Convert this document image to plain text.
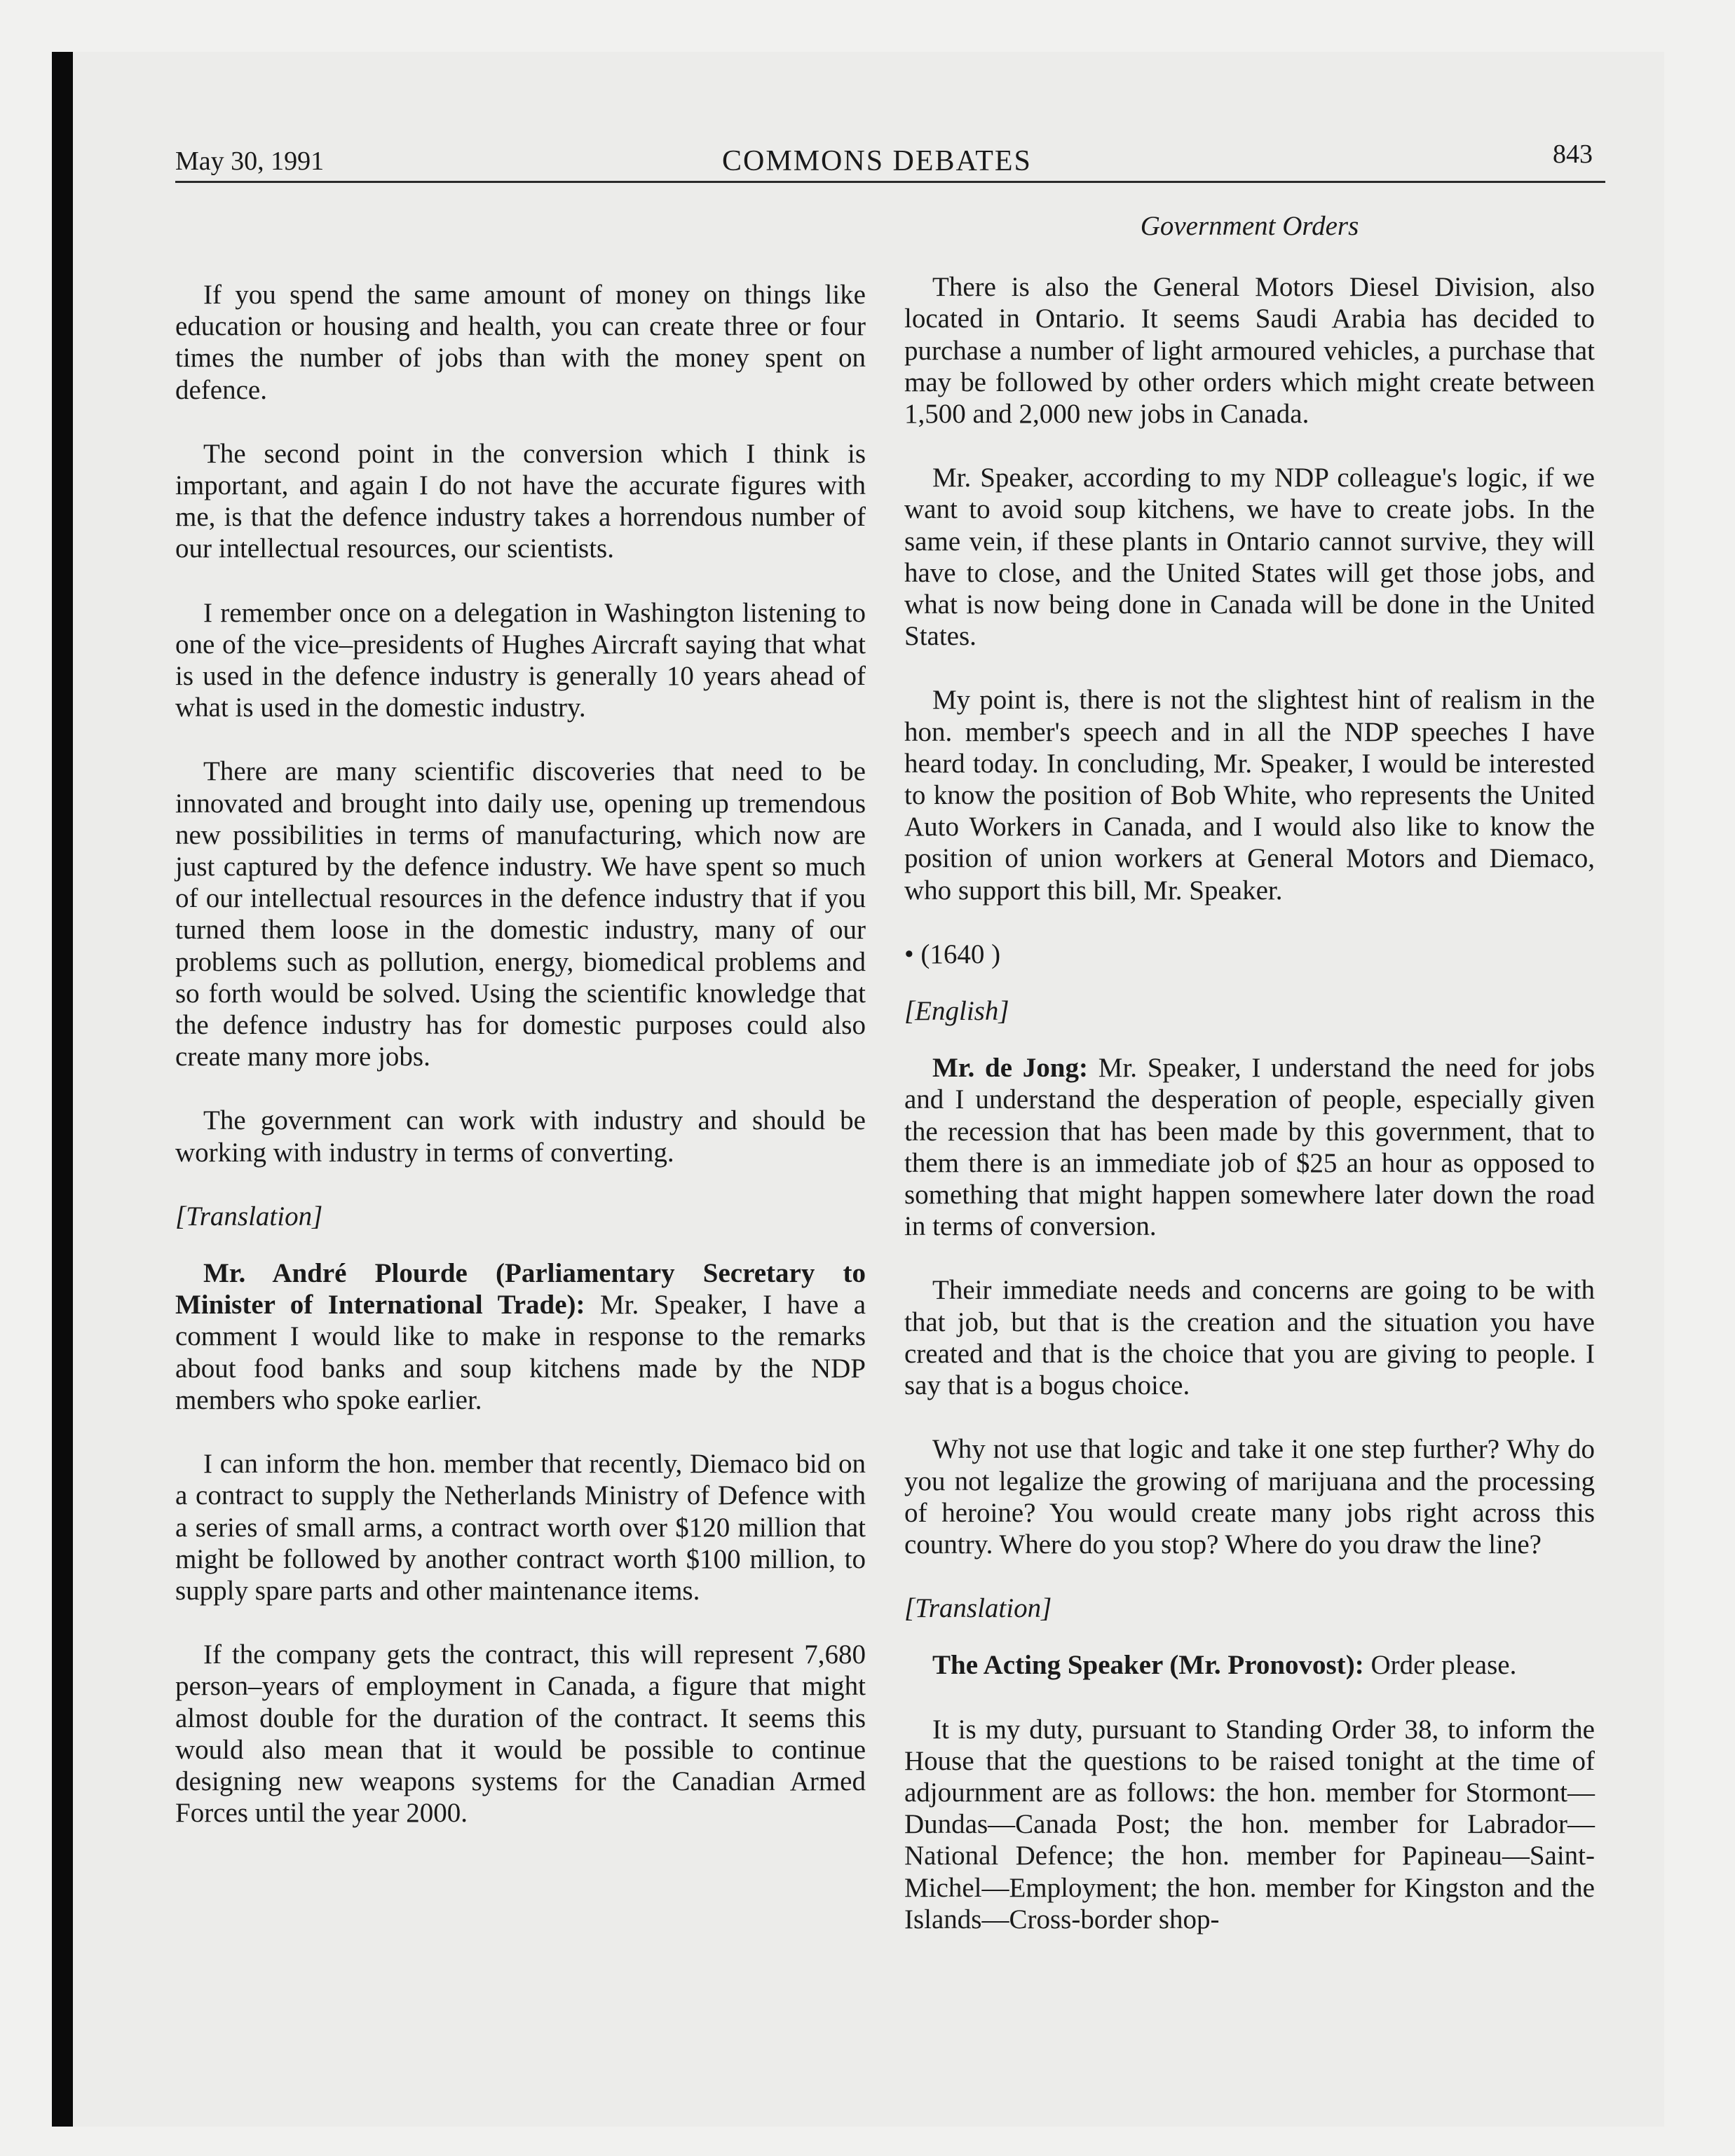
May 30, 1991	COMMONS DEBATES	843

If you spend the same amount of money on things like education or housing and health, you can create three or four times the number of jobs than with the money spent on defence.

The second point in the conversion which I think is important, and again I do not have the accurate figures with me, is that the defence industry takes a horrendous number of our intellectual resources, our scientists.

I remember once on a delegation in Washington listening to one of the vice–presidents of Hughes Aircraft saying that what is used in the defence industry is generally 10 years ahead of what is used in the domestic industry.

There are many scientific discoveries that need to be innovated and brought into daily use, opening up tremendous new possibilities in terms of manufacturing, which now are just captured by the defence industry. We have spent so much of our intellectual resources in the defence industry that if you turned them loose in the domestic industry, many of our problems such as pollution, energy, biomedical problems and so forth would be solved. Using the scientific knowledge that the defence industry has for domestic purposes could also create many more jobs.

The government can work with industry and should be working with industry in terms of converting.

[Translation]

Mr. André Plourde (Parliamentary Secretary to Minister of International Trade): Mr. Speaker, I have a comment I would like to make in response to the remarks about food banks and soup kitchens made by the NDP members who spoke earlier.

I can inform the hon. member that recently, Diemaco bid on a contract to supply the Netherlands Ministry of Defence with a series of small arms, a contract worth over $120 million that might be followed by another contract worth $100 million, to supply spare parts and other maintenance items.

If the company gets the contract, this will represent 7,680 person–years of employment in Canada, a figure that might almost double for the duration of the contract. It seems this would also mean that it would be possible to continue designing new weapons systems for the Canadian Armed Forces until the year 2000.

Government Orders

There is also the General Motors Diesel Division, also located in Ontario. It seems Saudi Arabia has decided to purchase a number of light armoured vehicles, a purchase that may be followed by other orders which might create between 1,500 and 2,000 new jobs in Canada.

Mr. Speaker, according to my NDP colleague's logic, if we want to avoid soup kitchens, we have to create jobs. In the same vein, if these plants in Ontario cannot survive, they will have to close, and the United States will get those jobs, and what is now being done in Canada will be done in the United States.

My point is, there is not the slightest hint of realism in the hon. member's speech and in all the NDP speeches I have heard today. In concluding, Mr. Speaker, I would be interested to know the position of Bob White, who represents the United Auto Workers in Canada, and I would also like to know the position of union workers at General Motors and Diemaco, who support this bill, Mr. Speaker.

• (1640 )

[English]

Mr. de Jong: Mr. Speaker, I understand the need for jobs and I understand the desperation of people, especially given the recession that has been made by this government, that to them there is an immediate job of $25 an hour as opposed to something that might happen somewhere later down the road in terms of conversion.

Their immediate needs and concerns are going to be with that job, but that is the creation and the situation you have created and that is the choice that you are giving to people. I say that is a bogus choice.

Why not use that logic and take it one step further? Why do you not legalize the growing of marijuana and the processing of heroine? You would create many jobs right across this country. Where do you stop? Where do you draw the line?

[Translation]

The Acting Speaker (Mr. Pronovost): Order please.

It is my duty, pursuant to Standing Order 38, to inform the House that the questions to be raised tonight at the time of adjournment are as follows: the hon. member for Stormont—Dundas—Canada Post; the hon. member for Labrador—National Defence; the hon. member for Papineau—Saint-Michel—Employment; the hon. member for Kingston and the Islands—Cross-border shop-
